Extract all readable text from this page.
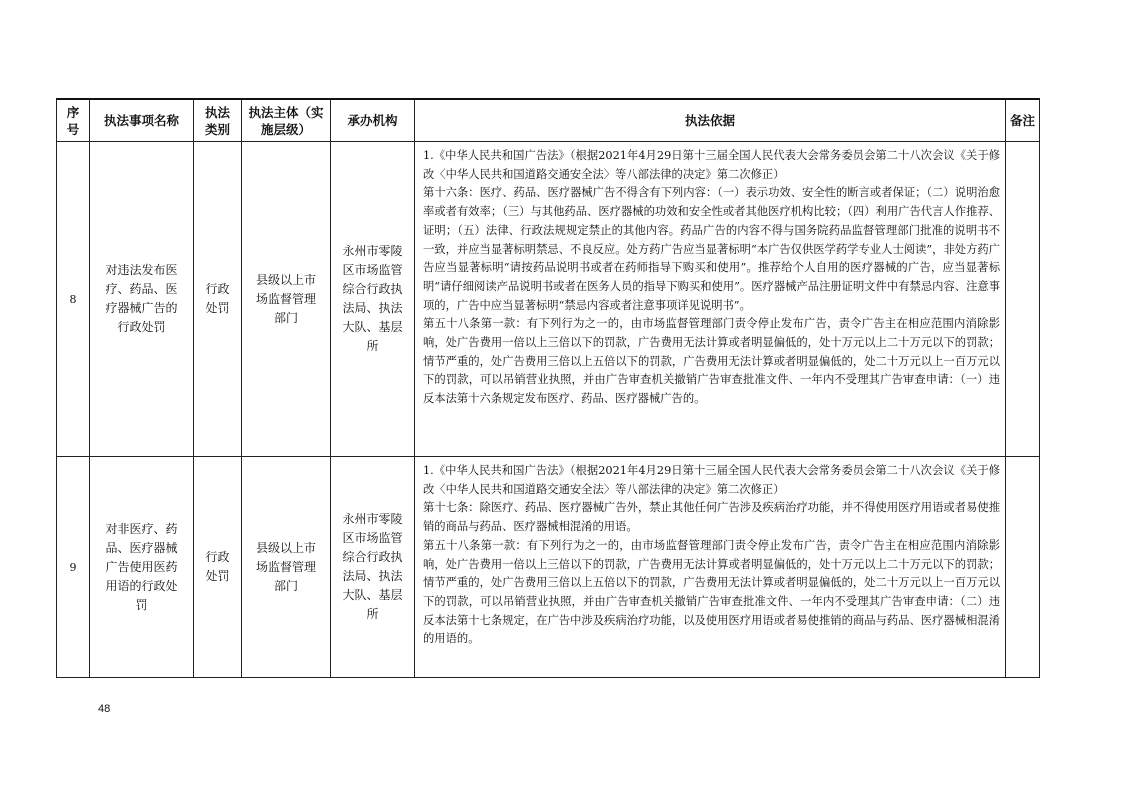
序号	执法事项名称	执法类别	执法主体（实施层级）	承办机构	执法依据	备注
8	对违法发布医疗、药品、医疗器械广告的行政处罚	行政处罚	县级以上市场监督管理部门	永州市零陵区市场监管综合行政执法局、执法大队、基层所	1.《中华人民共和国广告法》（根据2021年4月29日第十三届全国人民代表大会常务委员会第二十八次会议《关于修改〈中华人民共和国道路交通安全法〉等八部法律的决定》第二次修正）

第十六条：医疗、药品、医疗器械广告不得含有下列内容：（一）表示功效、安全性的断言或者保证；（二）说明治愈率或者有效率；（三）与其他药品、医疗器械的功效和安全性或者其他医疗机构比较；（四）利用广告代言人作推荐、证明；（五）法律、行政法规规定禁止的其他内容。药品广告的内容不得与国务院药品监督管理部门批准的说明书不一致，并应当显著标明禁忌、不良反应。处方药广告应当显著标明“本广告仅供医学药学专业人士阅读”，非处方药广告应当显著标明“请按药品说明书或者在药师指导下购买和使用”。推荐给个人自用的医疗器械的广告，应当显著标明“请仔细阅读产品说明书或者在医务人员的指导下购买和使用”。医疗器械产品注册证明文件中有禁忌内容、注意事项的，广告中应当显著标明“禁忌内容或者注意事项详见说明书”。

第五十八条第一款：有下列行为之一的，由市场监督管理部门责令停止发布广告，责令广告主在相应范围内消除影响，处广告费用一倍以上三倍以下的罚款，广告费用无法计算或者明显偏低的，处十万元以上二十万元以下的罚款；情节严重的，处广告费用三倍以上五倍以下的罚款，广告费用无法计算或者明显偏低的，处二十万元以上一百万元以下的罚款，可以吊销营业执照，并由广告审查机关撤销广告审查批准文件、一年内不受理其广告审查申请：（一）违反本法第十六条规定发布医疗、药品、医疗器械广告的。	

9	对非医疗、药品、医疗器械广告使用医药用语的行政处罚	行政处罚	县级以上市场监督管理部门	永州市零陵区市场监管综合行政执法局、执法大队、基层所	1.《中华人民共和国广告法》（根据2021年4月29日第十三届全国人民代表大会常务委员会第二十八次会议《关于修改〈中华人民共和国道路交通安全法〉等八部法律的决定》第二次修正）

第十七条：除医疗、药品、医疗器械广告外，禁止其他任何广告涉及疾病治疗功能，并不得使用医疗用语或者易使推销的商品与药品、医疗器械相混淆的用语。

第五十八条第一款：有下列行为之一的，由市场监督管理部门责令停止发布广告，责令广告主在相应范围内消除影响，处广告费用一倍以上三倍以下的罚款，广告费用无法计算或者明显偏低的，处十万元以上二十万元以下的罚款；情节严重的，处广告费用三倍以上五倍以下的罚款，广告费用无法计算或者明显偏低的，处二十万元以上一百万元以下的罚款，可以吊销营业执照，并由广告审查机关撤销广告审查批准文件、一年内不受理其广告审查申请：（二）违反本法第十七条规定，在广告中涉及疾病治疗功能，以及使用医疗用语或者易使推销的商品与药品、医疗器械相混淆的用语的。	

48
